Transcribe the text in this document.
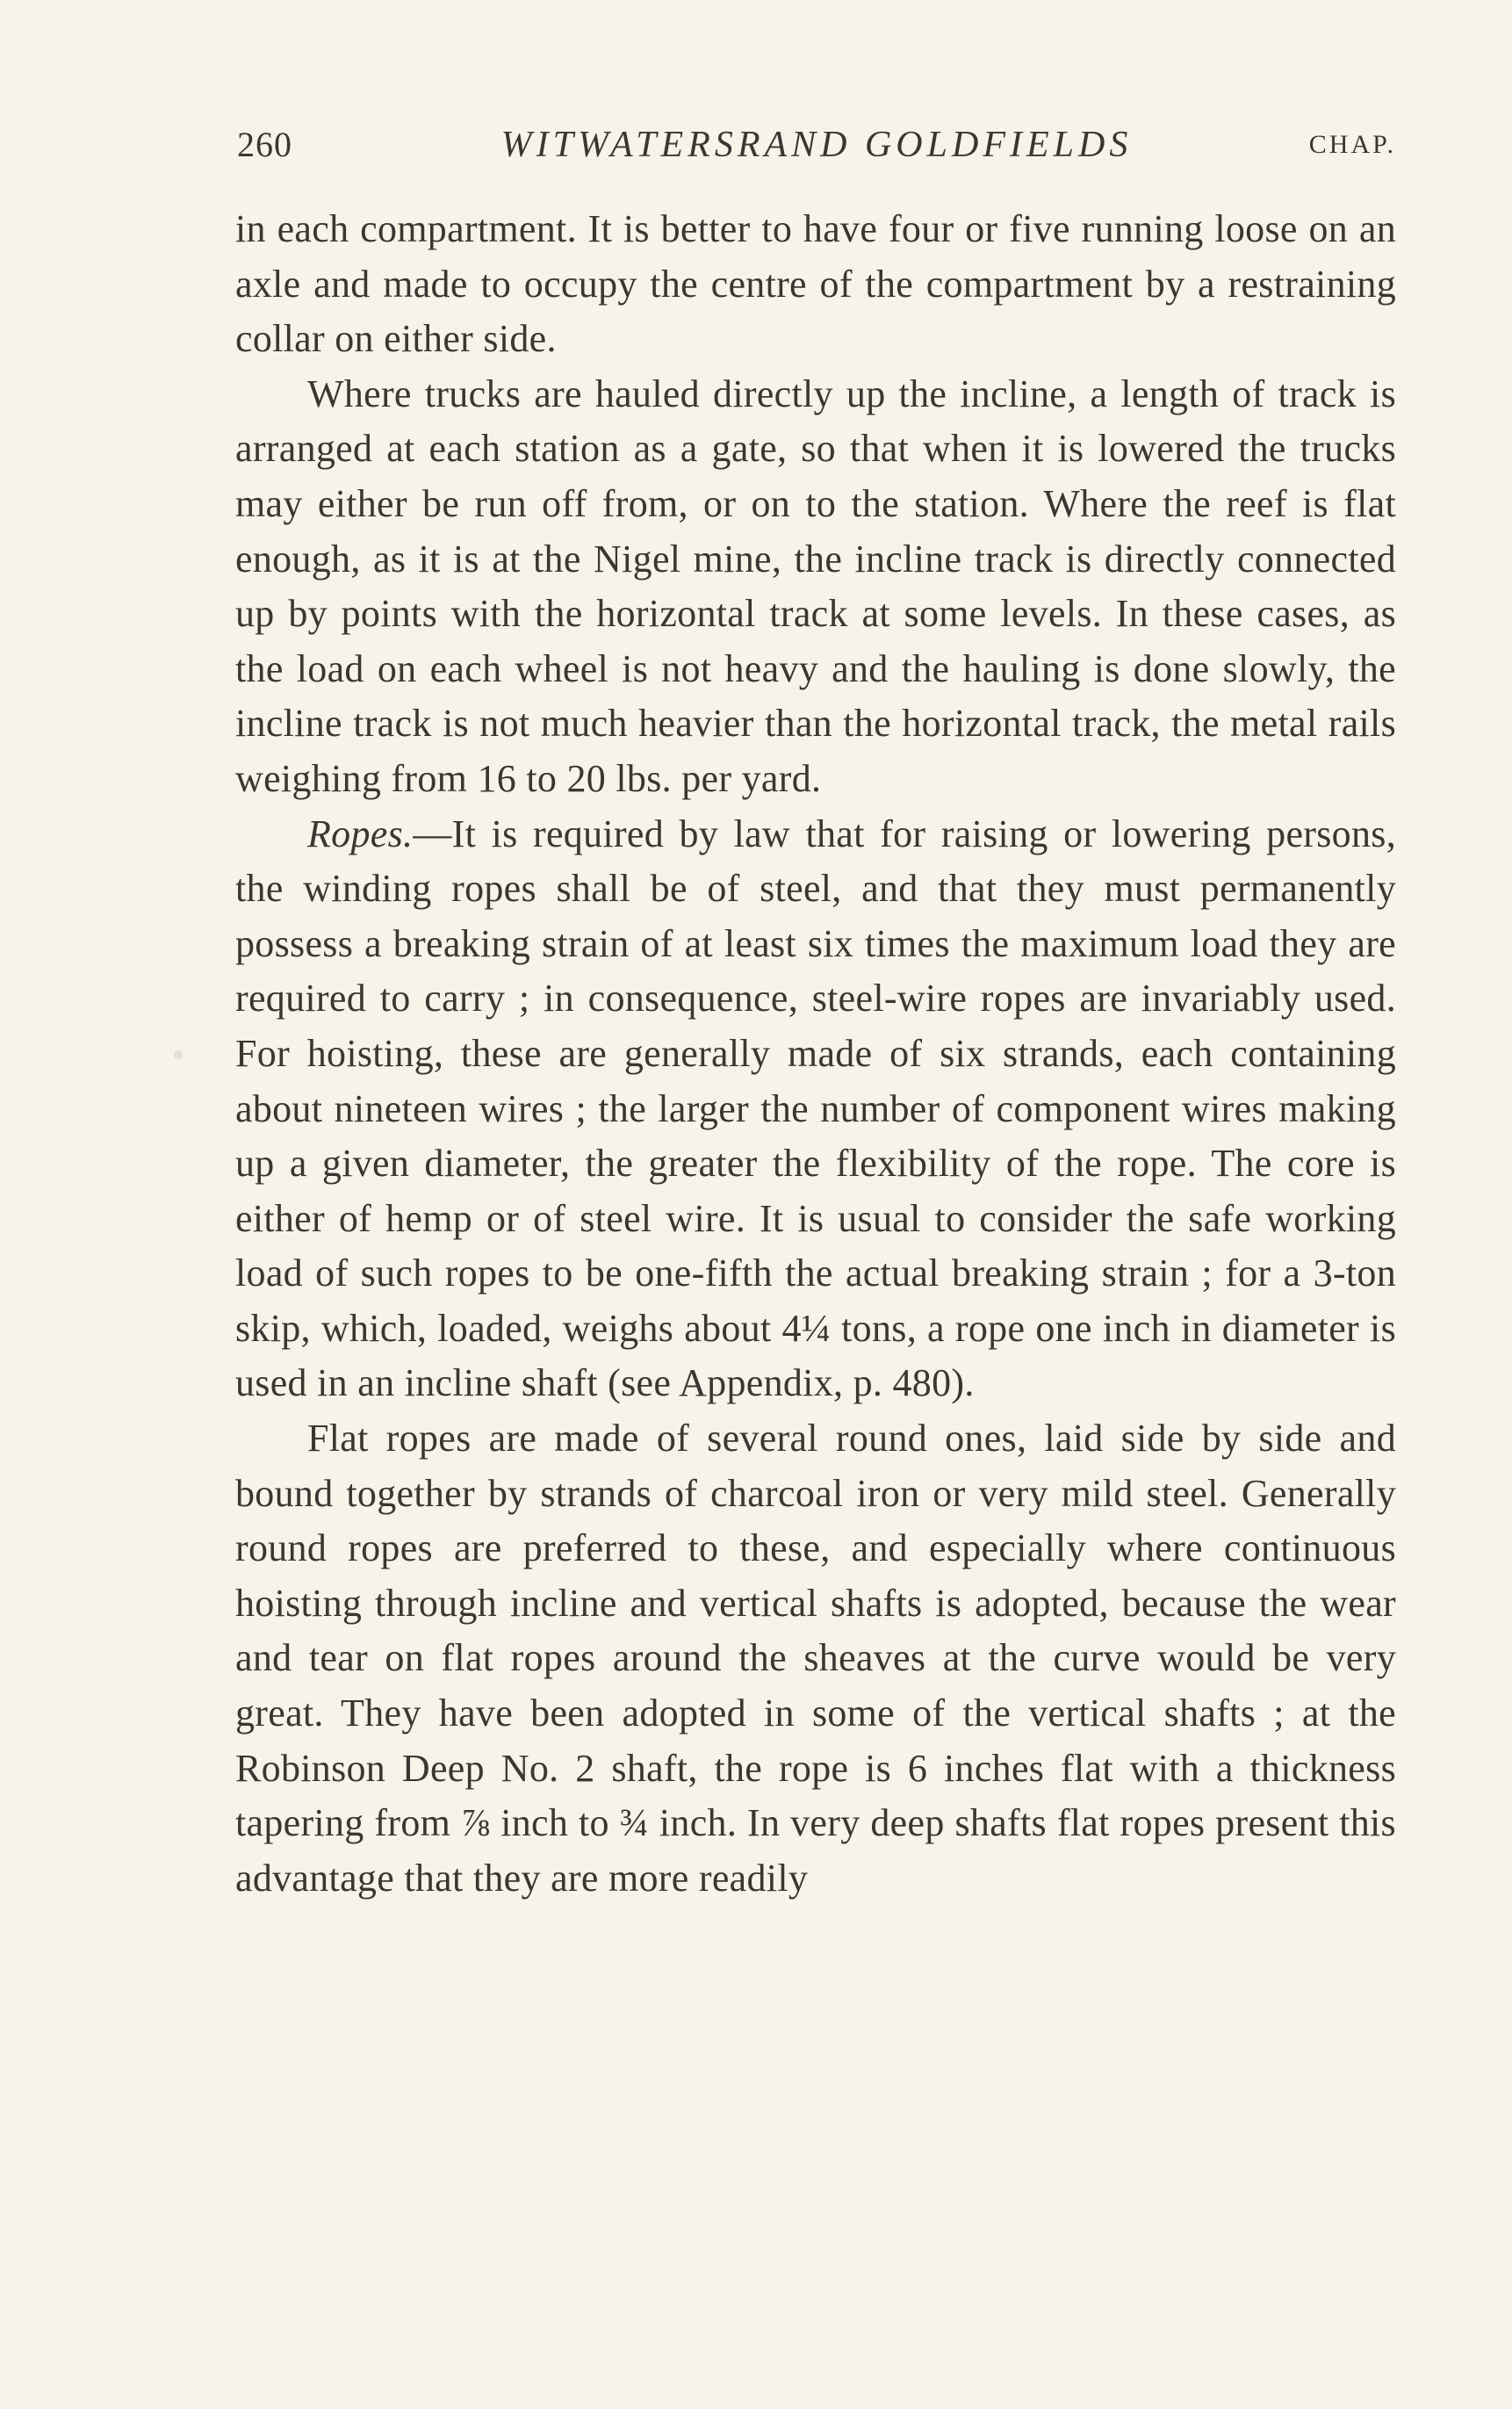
260	WITWATERSRAND GOLDFIELDS	CHAP.

in each compartment. It is better to have four or five running loose on an axle and made to occupy the centre of the compartment by a restraining collar on either side.

Where trucks are hauled directly up the incline, a length of track is arranged at each station as a gate, so that when it is lowered the trucks may either be run off from, or on to the station. Where the reef is flat enough, as it is at the Nigel mine, the incline track is directly connected up by points with the horizontal track at some levels. In these cases, as the load on each wheel is not heavy and the hauling is done slowly, the incline track is not much heavier than the horizontal track, the metal rails weighing from 16 to 20 lbs. per yard.

Ropes.—It is required by law that for raising or lowering persons, the winding ropes shall be of steel, and that they must permanently possess a breaking strain of at least six times the maximum load they are required to carry ; in consequence, steel-wire ropes are invariably used. For hoisting, these are generally made of six strands, each containing about nineteen wires ; the larger the number of component wires making up a given diameter, the greater the flexibility of the rope. The core is either of hemp or of steel wire. It is usual to consider the safe working load of such ropes to be one-fifth the actual breaking strain ; for a 3-ton skip, which, loaded, weighs about 4¼ tons, a rope one inch in diameter is used in an incline shaft (see Appendix, p. 480).

Flat ropes are made of several round ones, laid side by side and bound together by strands of charcoal iron or very mild steel. Generally round ropes are preferred to these, and especially where continuous hoisting through incline and vertical shafts is adopted, because the wear and tear on flat ropes around the sheaves at the curve would be very great. They have been adopted in some of the vertical shafts ; at the Robinson Deep No. 2 shaft, the rope is 6 inches flat with a thickness tapering from ⅞ inch to ¾ inch. In very deep shafts flat ropes present this advantage that they are more readily
